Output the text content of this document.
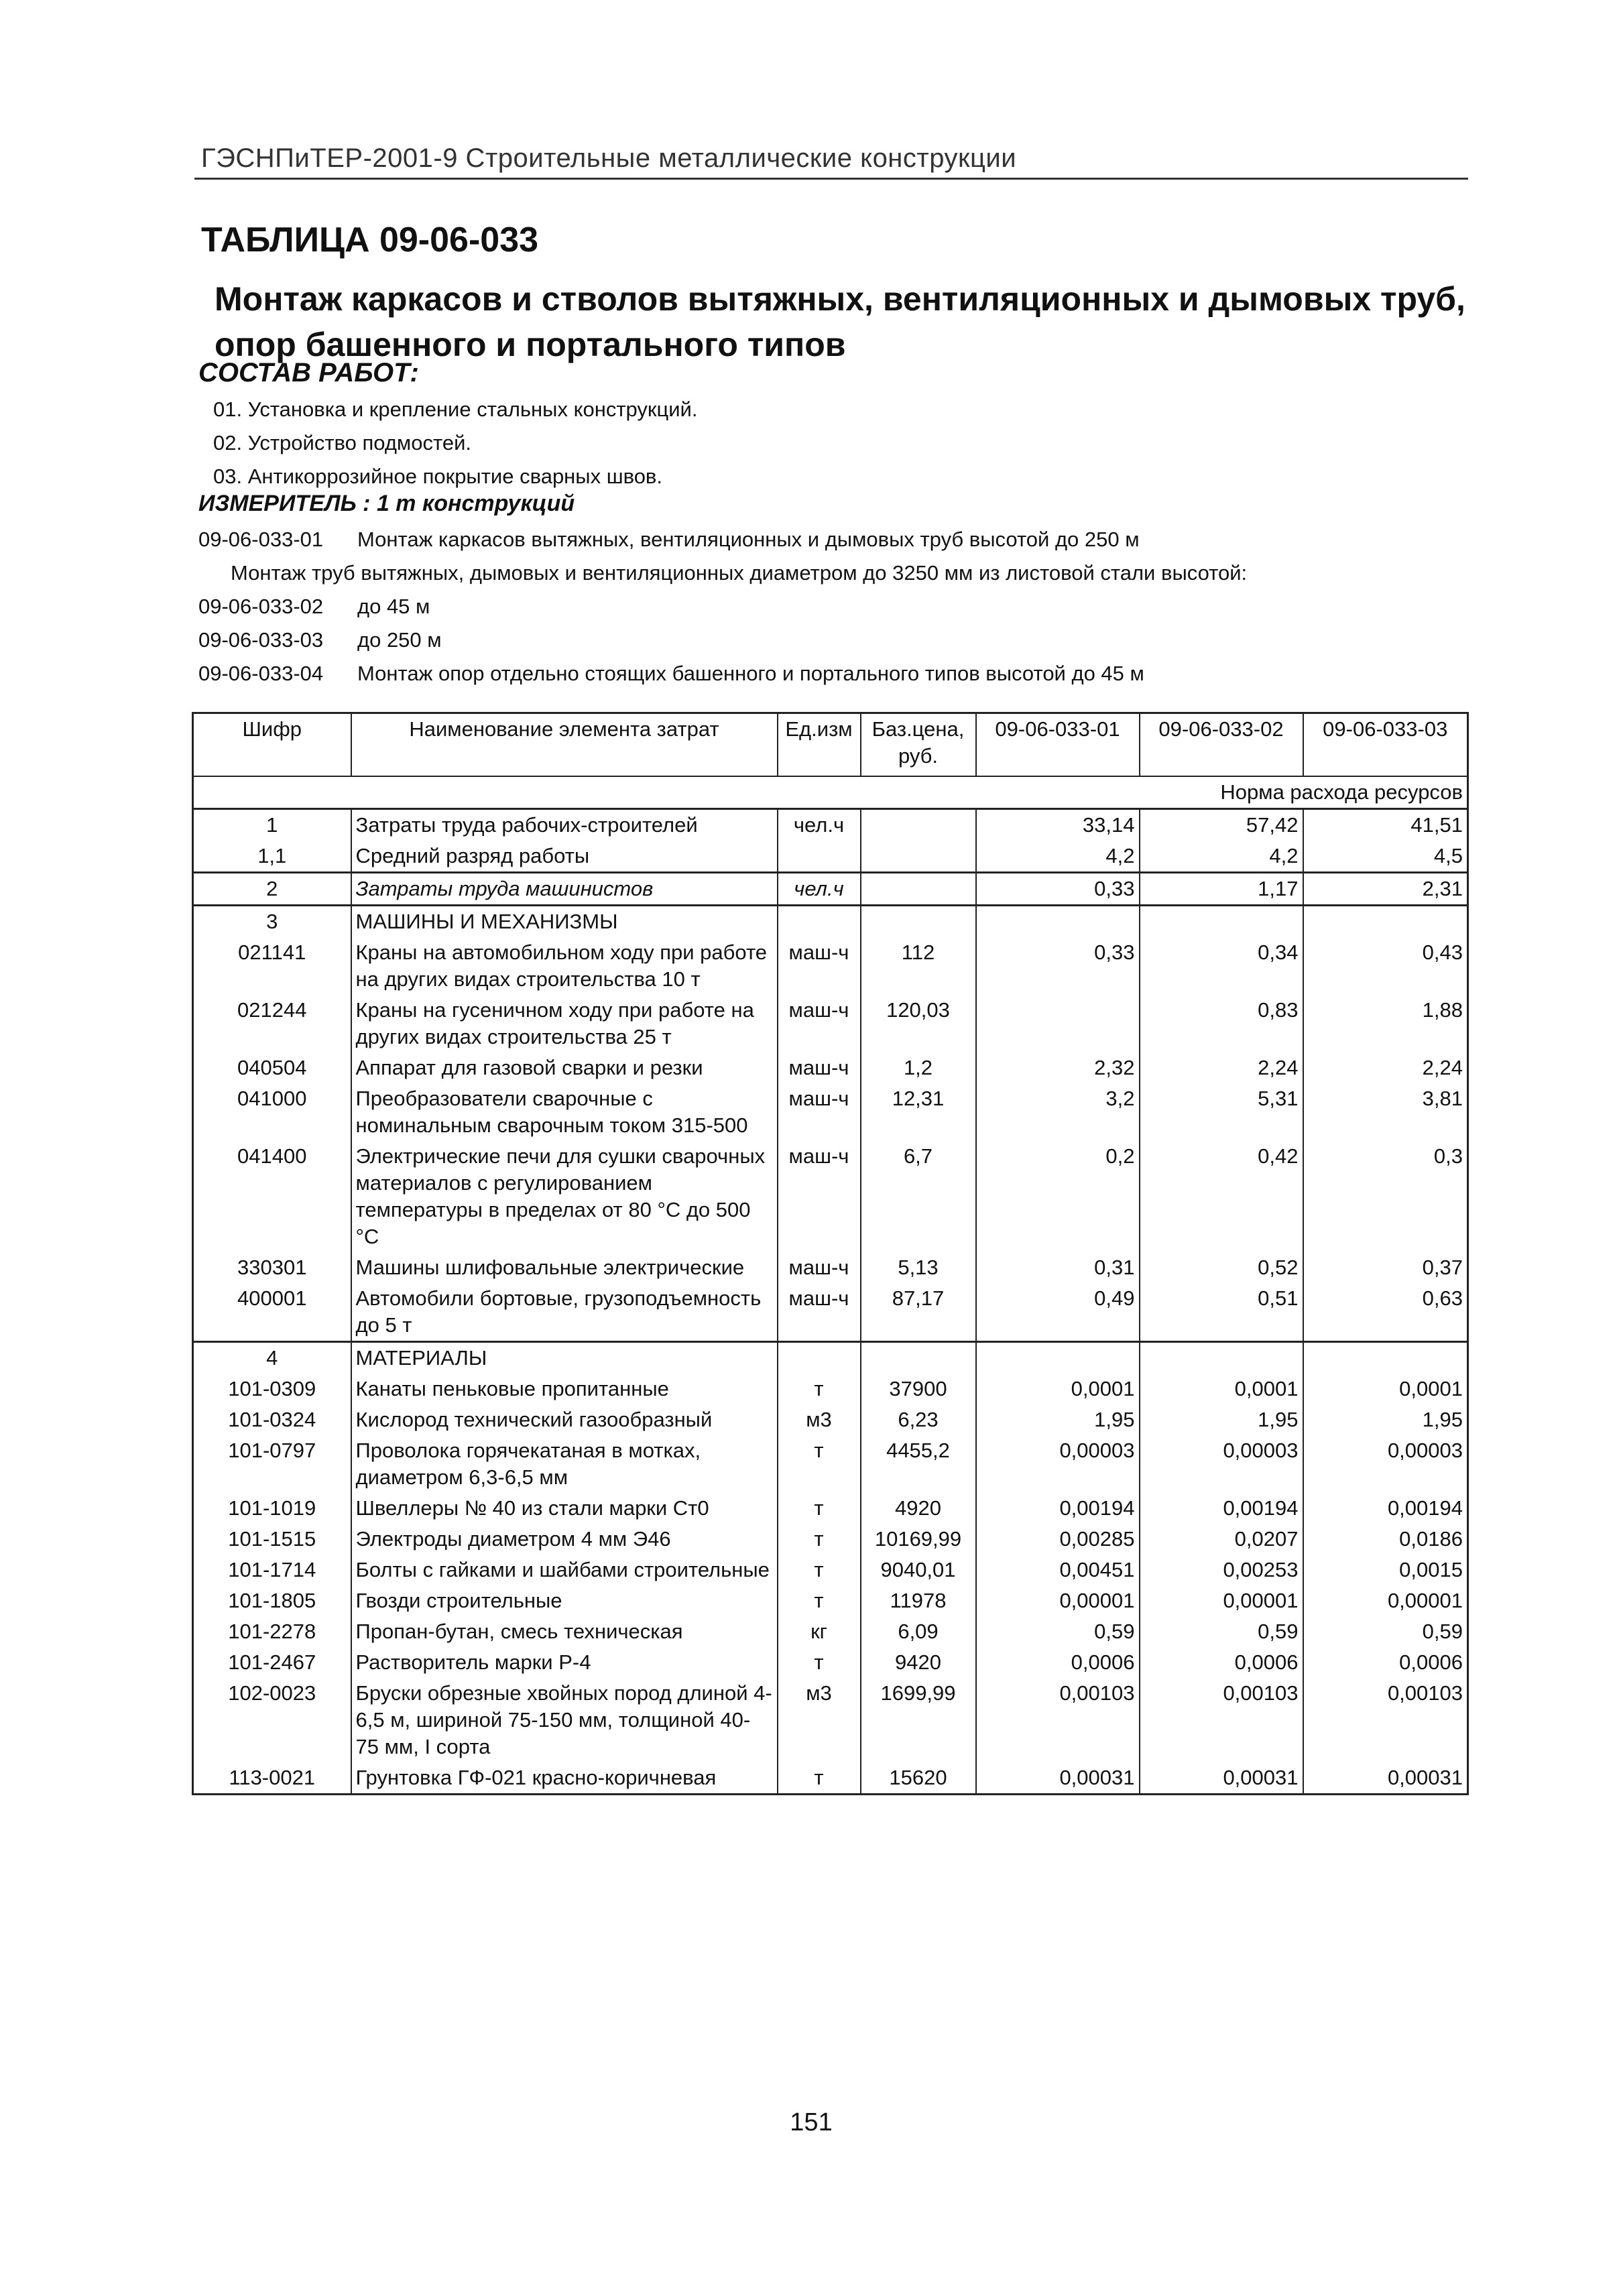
ГЭСНПиТЕР-2001-9 Строительные металлические конструкции
ТАБЛИЦА 09-06-033
Монтаж каркасов и стволов вытяжных, вентиляционных и дымовых труб, опор башенного и портального типов
СОСТАВ РАБОТ:
01. Установка и крепление стальных конструкций.
02. Устройство подмостей.
03. Антикоррозийное покрытие сварных швов.
ИЗМЕРИТЕЛЬ : 1 т конструкций
09-06-033-01 Монтаж каркасов вытяжных, вентиляционных и дымовых труб высотой до 250 м
Монтаж труб вытяжных, дымовых и вентиляционных диаметром до 3250 мм из листовой стали высотой:
09-06-033-02 до 45 м
09-06-033-03 до 250 м
09-06-033-04 Монтаж опор отдельно стоящих башенного и портального типов высотой до 45 м
Шифр	Наименование элемента затрат	Ед.изм	Баз.цена, руб.	09-06-033-01	09-06-033-02	09-06-033-03
Норма расхода ресурсов						
1	Затраты труда рабочих-строителей	чел.ч		33,14	57,42	41,51
1,1	Средний разряд работы			4,2	4,2	4,5
2	Затраты труда машинистов	чел.ч		0,33	1,17	2,31
3	МАШИНЫ И МЕХАНИЗМЫ					
021141	Краны на автомобильном ходу при работе на других видах строительства 10 т	маш-ч	112	0,33	0,34	0,43
021244	Краны на гусеничном ходу при работе на других видах строительства 25 т	маш-ч	120,03		0,83	1,88
040504	Аппарат для газовой сварки и резки	маш-ч	1,2	2,32	2,24	2,24
041000	Преобразователи сварочные с номинальным сварочным током 315-500	маш-ч	12,31	3,2	5,31	3,81
041400	Электрические печи для сушки сварочных материалов с регулированием температуры в пределах от 80 °С до 500 °С	маш-ч	6,7	0,2	0,42	0,3
330301	Машины шлифовальные электрические	маш-ч	5,13	0,31	0,52	0,37
400001	Автомобили бортовые, грузоподъемность до 5 т	маш-ч	87,17	0,49	0,51	0,63
4	МАТЕРИАЛЫ					
101-0309	Канаты пеньковые пропитанные	т	37900	0,0001	0,0001	0,0001
101-0324	Кислород технический газообразный	м3	6,23	1,95	1,95	1,95
101-0797	Проволока горячекатаная в мотках, диаметром 6,3-6,5 мм	т	4455,2	0,00003	0,00003	0,00003
101-1019	Швеллеры № 40 из стали марки Ст0	т	4920	0,00194	0,00194	0,00194
101-1515	Электроды диаметром 4 мм Э46	т	10169,99	0,00285	0,0207	0,0186
101-1714	Болты с гайками и шайбами строительные	т	9040,01	0,00451	0,00253	0,0015
101-1805	Гвозди строительные	т	11978	0,00001	0,00001	0,00001
101-2278	Пропан-бутан, смесь техническая	кг	6,09	0,59	0,59	0,59
101-2467	Растворитель марки Р-4	т	9420	0,0006	0,0006	0,0006
102-0023	Бруски обрезные хвойных пород длиной 4-6,5 м, шириной 75-150 мм, толщиной 40-75 мм, I сорта	м3	1699,99	0,00103	0,00103	0,00103
113-0021	Грунтовка ГФ-021 красно-коричневая	т	15620	0,00031	0,00031	0,00031
151
